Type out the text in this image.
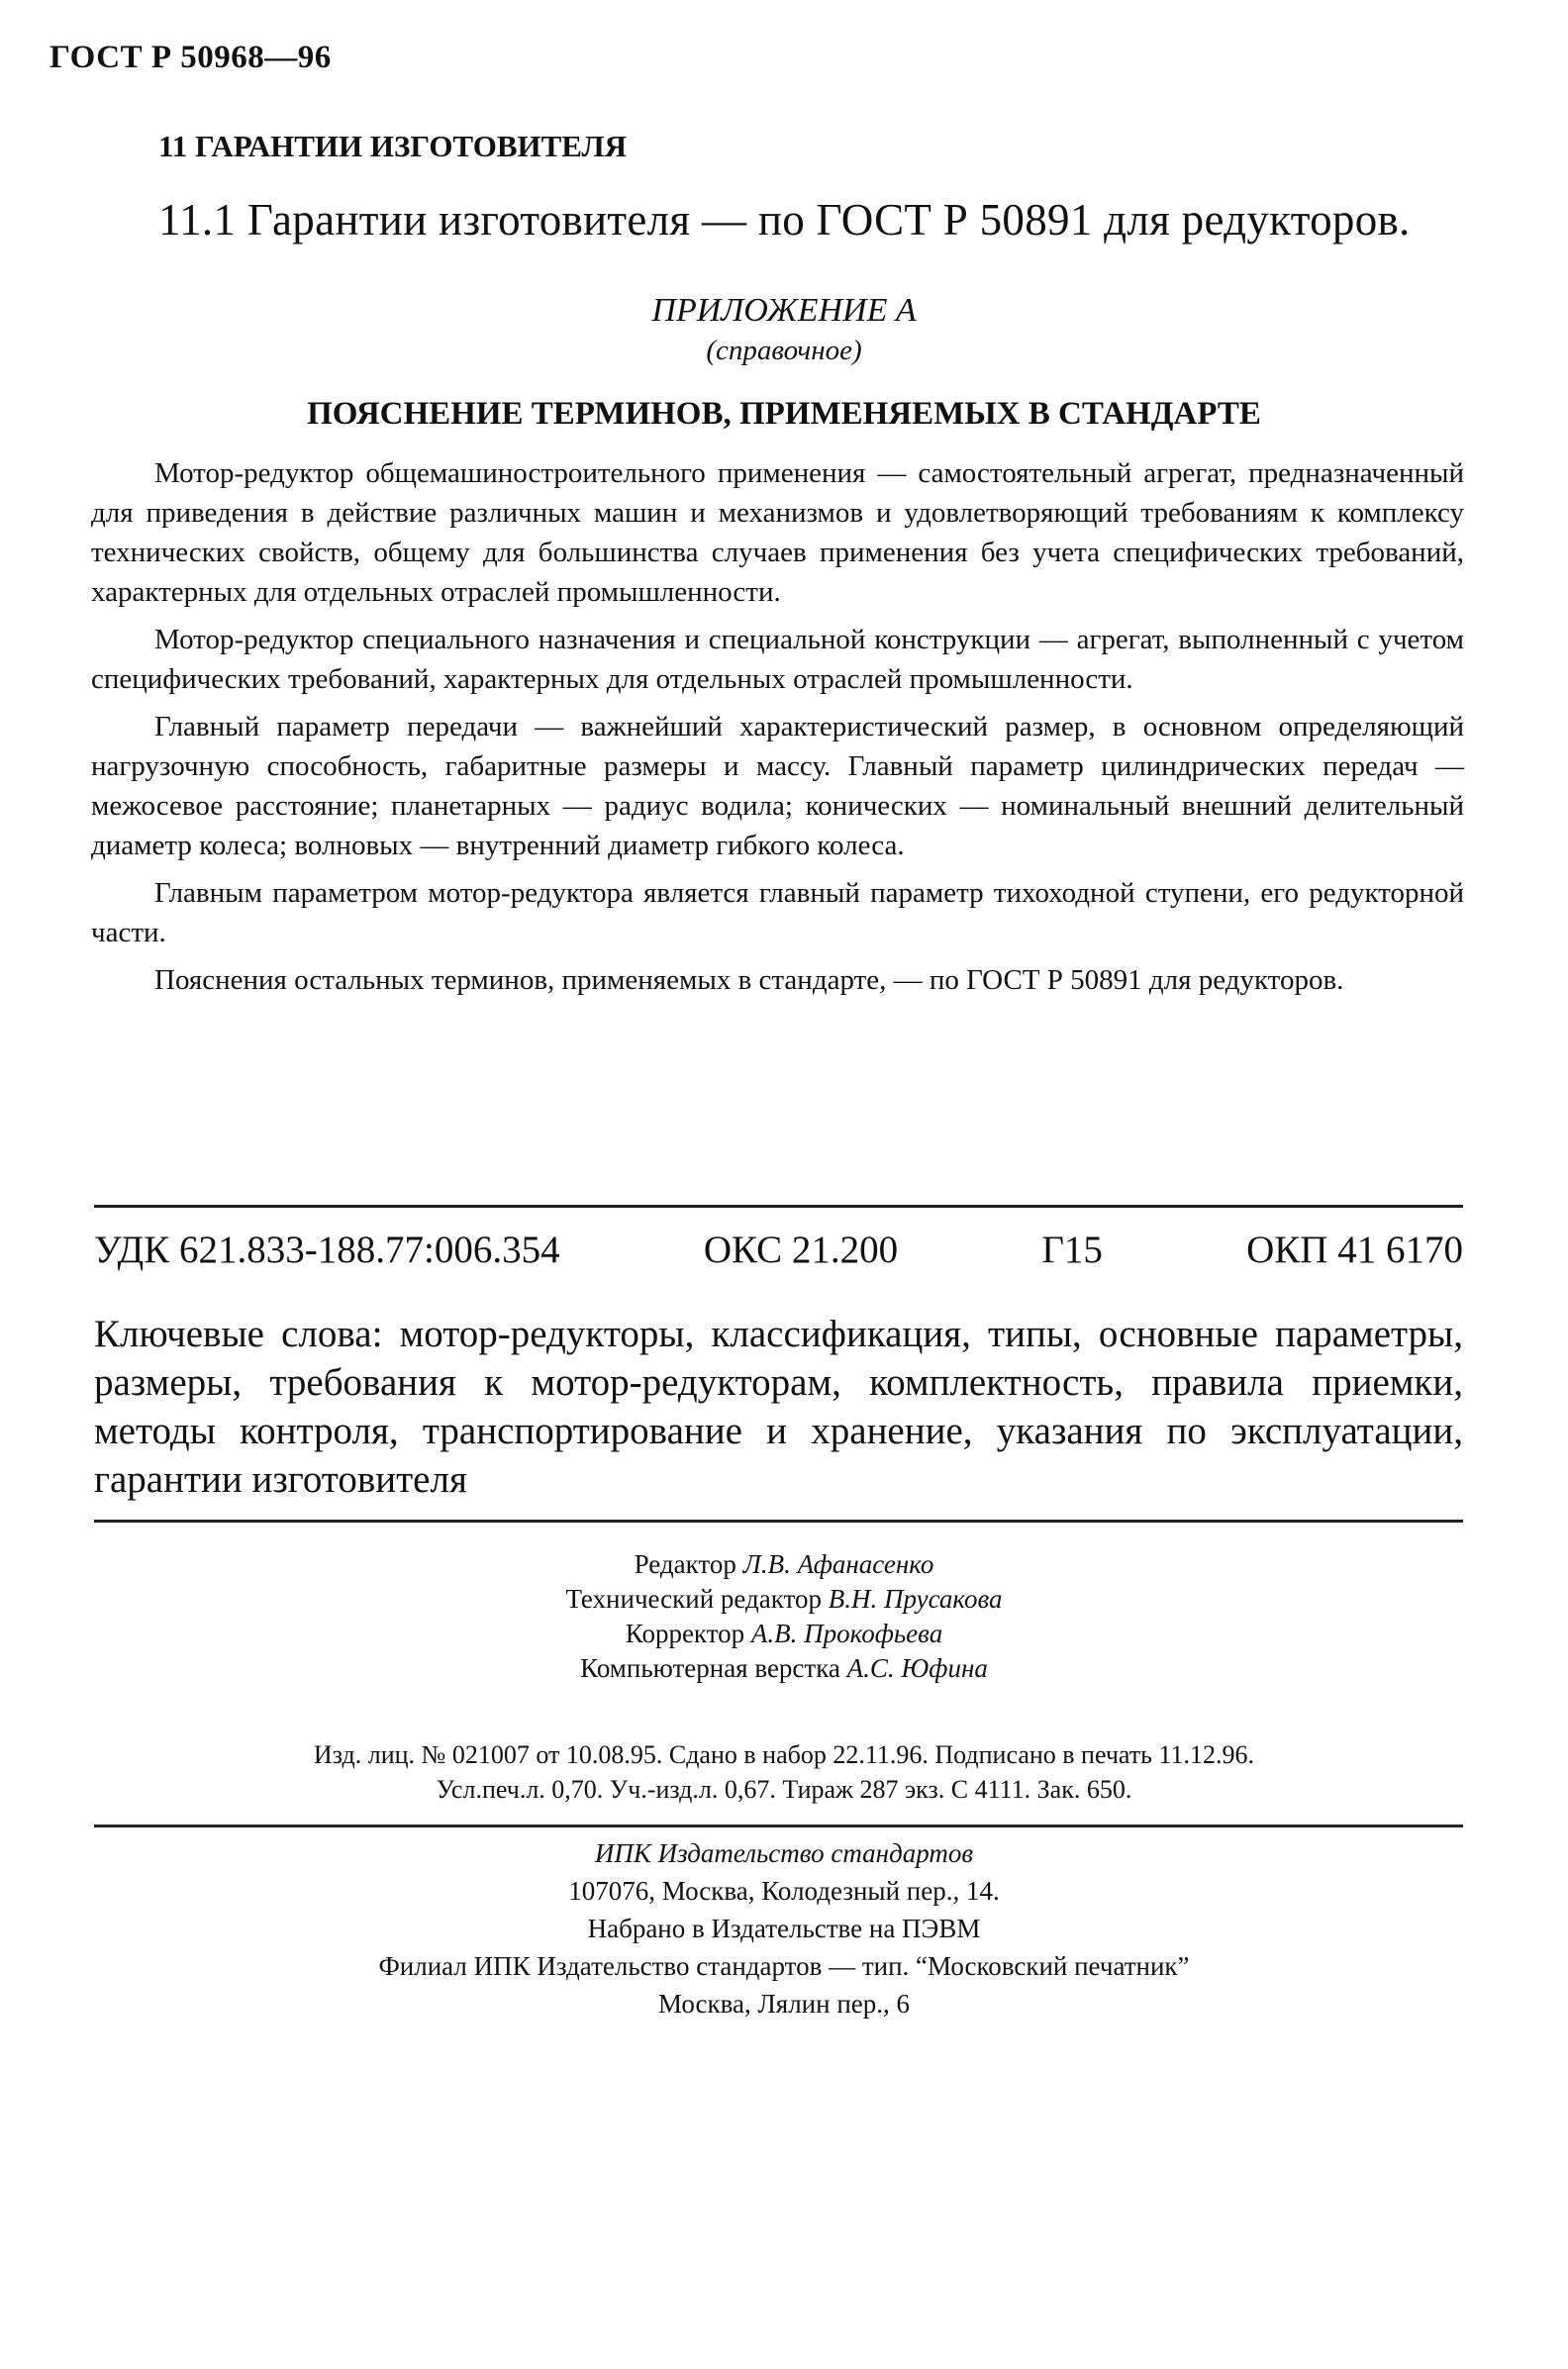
ГОСТ Р 50968—96
11 ГАРАНТИИ ИЗГОТОВИТЕЛЯ
11.1 Гарантии изготовителя — по ГОСТ Р 50891 для редукторов.
ПРИЛОЖЕНИЕ А
(справочное)
ПОЯСНЕНИЕ ТЕРМИНОВ, ПРИМЕНЯЕМЫХ В СТАНДАРТЕ

Мотор-редуктор общемашиностроительного применения — самостоятельный агрегат, предназначенный для приведения в действие различных машин и механизмов и удовлетворяющий требованиям к комплексу технических свойств, общему для большинства случаев применения без учета специфических требований, характерных для отдельных отраслей промышленности.

Мотор-редуктор специального назначения и специальной конструкции — агрегат, выполненный с учетом специфических требований, характерных для отдельных отраслей промышленности.

Главный параметр передачи — важнейший характеристический размер, в основном определяющий нагрузочную способность, габаритные размеры и массу. Главный параметр цилиндрических передач — межосевое расстояние; планетарных — радиус водила; конических — номинальный внешний делительный диаметр колеса; волновых — внутренний диаметр гибкого колеса.

Главным параметром мотор-редуктора является главный параметр тихоходной ступени, его редукторной части.

Пояснения остальных терминов, применяемых в стандарте, — по ГОСТ Р 50891 для редукторов.

УДК 621.833-188.77:006.354	ОКС 21.200	Г15	ОКП 41 6170
Ключевые слова: мотор-редукторы, классификация, типы, основные параметры, размеры, требования к мотор-редукторам, комплектность, правила приемки, методы контроля, транспортирование и хранение, указания по эксплуатации, гарантии изготовителя
Редактор Л.В. Афанасенко
Технический редактор В.Н. Прусакова
Корректор А.В. Прокофьева
Компьютерная верстка А.С. Юфина
Изд. лиц. № 021007 от 10.08.95. Сдано в набор 22.11.96. Подписано в печать 11.12.96.
Усл.печ.л. 0,70. Уч.-изд.л. 0,67. Тираж 287 экз. С 4111. Зак. 650.
ИПК Издательство стандартов
107076, Москва, Колодезный пер., 14.
Набрано в Издательстве на ПЭВМ
Филиал ИПК Издательство стандартов — тип. “Московский печатник”
Москва, Лялин пер., 6
